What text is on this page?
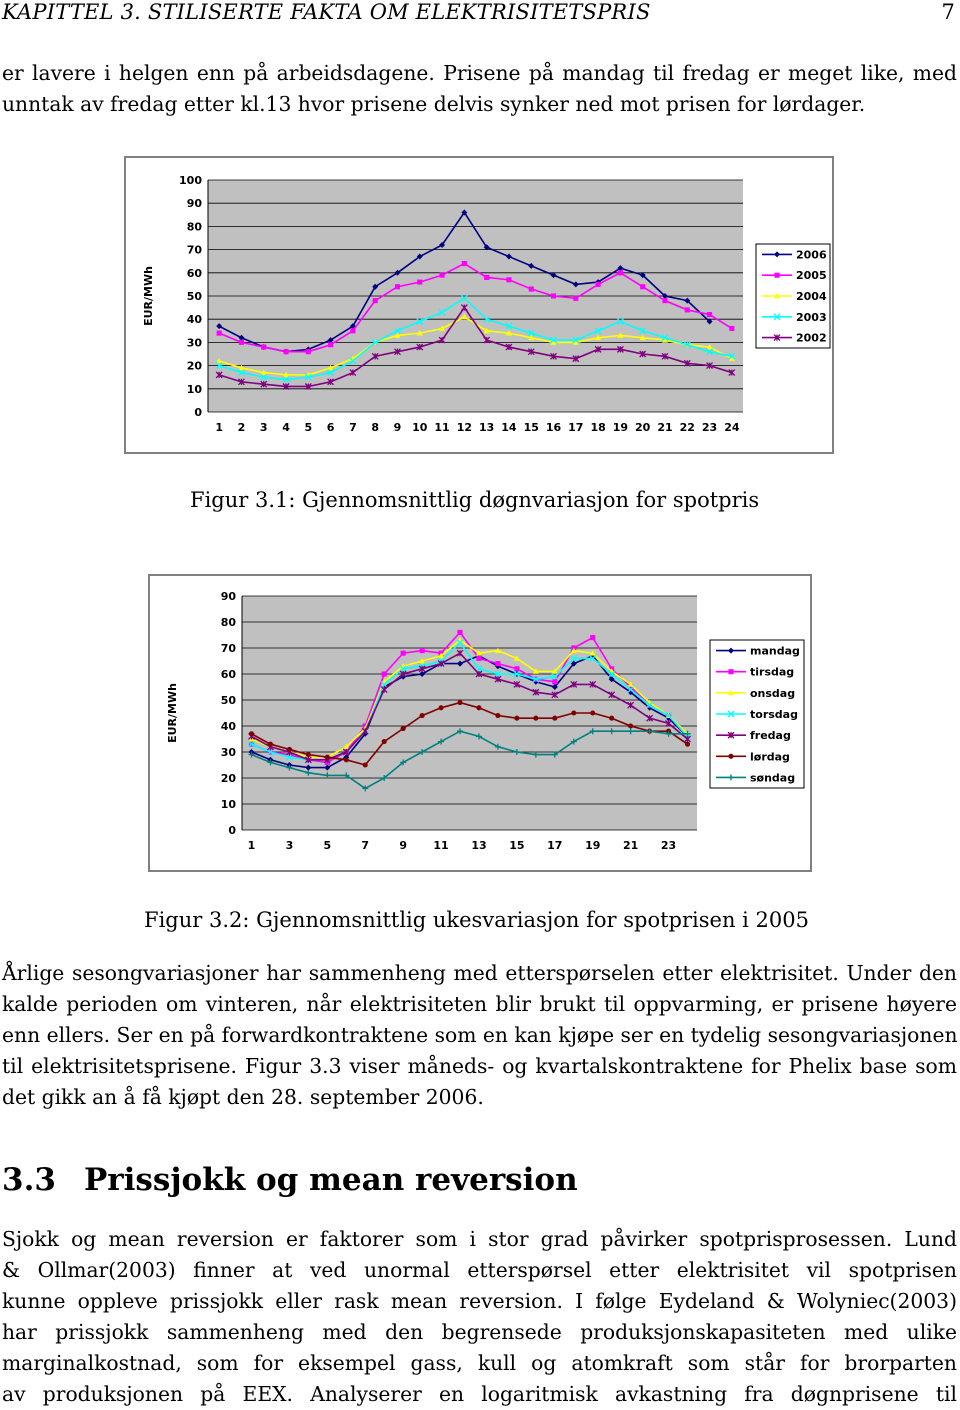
KAPITTEL 3. STILISERTE FAKTA OM ELEKTRISITETSPRIS	7
er lavere i helgen enn på arbeidsdagene. Prisene på mandag til fredag er meget like, med
unntak av fredag etter kl.13 hvor prisene delvis synker ned mot prisen for lørdager.
0
10
20
30
40
50
60
70
80
90
100
1 2 3 4 5 6 7 8 9 10 11 12 13 14 15 16 17 18 19 20 21 22 23 24
EUR/MWh
2006
2005
2004
2003
2002
Figur 3.1: Gjennomsnittlig døgnvariasjon for spotpris
0
10
20
30
40
50
60
70
80
90
1	3	5	7	9 11 13 15 17 19 21 23
EUR/MWh
mandag
tirsdag
onsdag
torsdag
fredag
lørdag
søndag
Figur 3.2: Gjennomsnittlig ukesvariasjon for spotprisen i 2005
Årlige sesongvariasjoner har sammenheng med etterspørselen etter elektrisitet. Under den
kalde perioden om vinteren, når elektrisiteten blir brukt til oppvarming, er prisene høyere
enn ellers. Ser en på forwardkontraktene som en kan kjøpe ser en tydelig sesongvariasjonen
til elektrisitetsprisene. Figur 3.3 viser måneds- og kvartalskontraktene for Phelix base som
det gikk an å få kjøpt den 28. september 2006.
3.3 Prissjokk og mean reversion
Sjokk og mean reversion er faktorer som i stor grad påvirker spotprisprosessen. Lund
& Ollmar(2003) finner at ved unormal etterspørsel etter elektrisitet vil spotprisen
kunne oppleve prissjokk eller rask mean reversion. I følge Eydeland & Wolyniec(2003)
har prissjokk sammenheng med den begrensede produksjonskapasiteten med ulike
marginalkostnad, som for eksempel gass, kull og atomkraft som står for brorparten
av produksjonen på EEX. Analyserer en logaritmisk avkastning fra døgnprisene til
